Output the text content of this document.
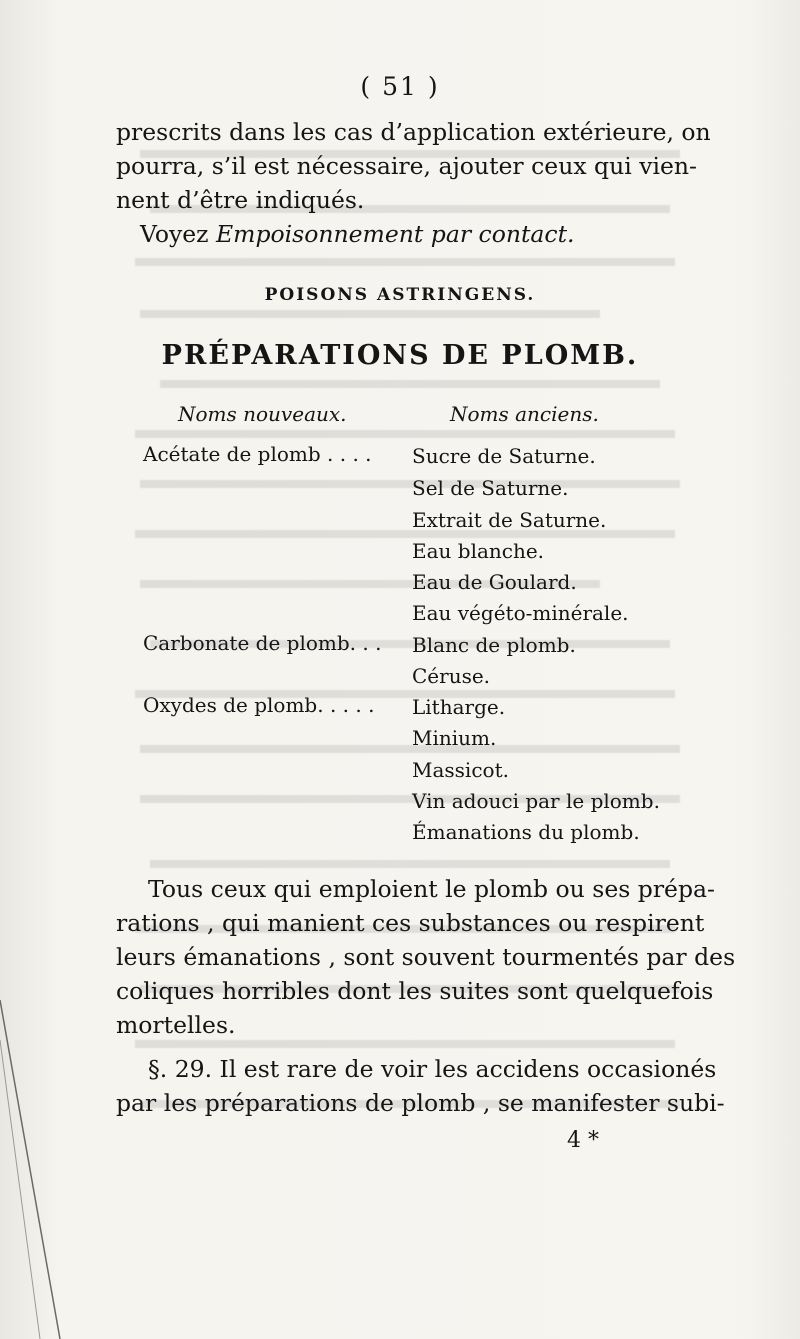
( 51 )
prescrits dans les cas d’application extérieure, on
pourra, s’il est nécessaire, ajouter ceux qui vien-
nent d’être indiqués.
Voyez Empoisonnement par contact.
POISONS ASTRINGENS.
PRÉPARATIONS DE PLOMB.
Noms nouveaux.	Noms anciens.
Acétate de plomb . . . . Sucre de Saturne.
Sel de Saturne.
Extrait de Saturne.
Eau blanche.
Eau de Goulard.
Eau végéto-minérale.
Carbonate de plomb. . . Blanc de plomb.
Céruse.
Oxydes de plomb. . . . . Litharge.
Minium.
Massicot.
Vin adouci par le plomb.
Émanations du plomb.
Tous ceux qui emploient le plomb ou ses prépa-
rations , qui manient ces substances ou respirent
leurs émanations , sont souvent tourmentés par des
coliques horribles dont les suites sont quelquefois
mortelles.
§. 29. Il est rare de voir les accidens occasionés
par les préparations de plomb , se manifester subi-
4 *
